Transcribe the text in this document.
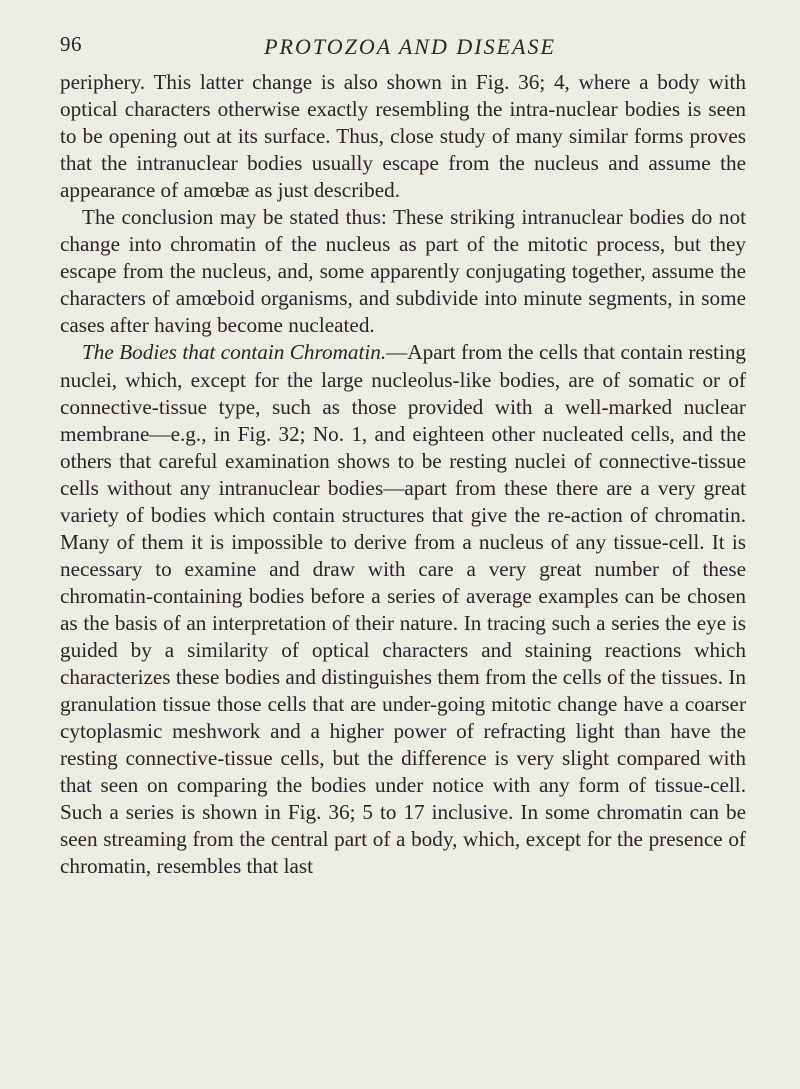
96	PROTOZOA AND DISEASE

periphery. This latter change is also shown in Fig. 36; 4, where a body with optical characters otherwise exactly resembling the intra-nuclear bodies is seen to be opening out at its surface. Thus, close study of many similar forms proves that the intranuclear bodies usually escape from the nucleus and assume the appearance of amœbæ as just described.

The conclusion may be stated thus: These striking intranuclear bodies do not change into chromatin of the nucleus as part of the mitotic process, but they escape from the nucleus, and, some apparently conjugating together, assume the characters of amœboid organisms, and subdivide into minute segments, in some cases after having become nucleated.

The Bodies that contain Chromatin.—Apart from the cells that contain resting nuclei, which, except for the large nucleolus-like bodies, are of somatic or of connective-tissue type, such as those provided with a well-marked nuclear membrane—e.g., in Fig. 32; No. 1, and eighteen other nucleated cells, and the others that careful examination shows to be resting nuclei of connective-tissue cells without any intranuclear bodies—apart from these there are a very great variety of bodies which contain structures that give the re-action of chromatin. Many of them it is impossible to derive from a nucleus of any tissue-cell. It is necessary to examine and draw with care a very great number of these chromatin-containing bodies before a series of average examples can be chosen as the basis of an interpretation of their nature. In tracing such a series the eye is guided by a similarity of optical characters and staining reactions which characterizes these bodies and distinguishes them from the cells of the tissues. In granulation tissue those cells that are under-going mitotic change have a coarser cytoplasmic meshwork and a higher power of refracting light than have the resting connective-tissue cells, but the difference is very slight compared with that seen on comparing the bodies under notice with any form of tissue-cell. Such a series is shown in Fig. 36; 5 to 17 inclusive. In some chromatin can be seen streaming from the central part of a body, which, except for the presence of chromatin, resembles that last
